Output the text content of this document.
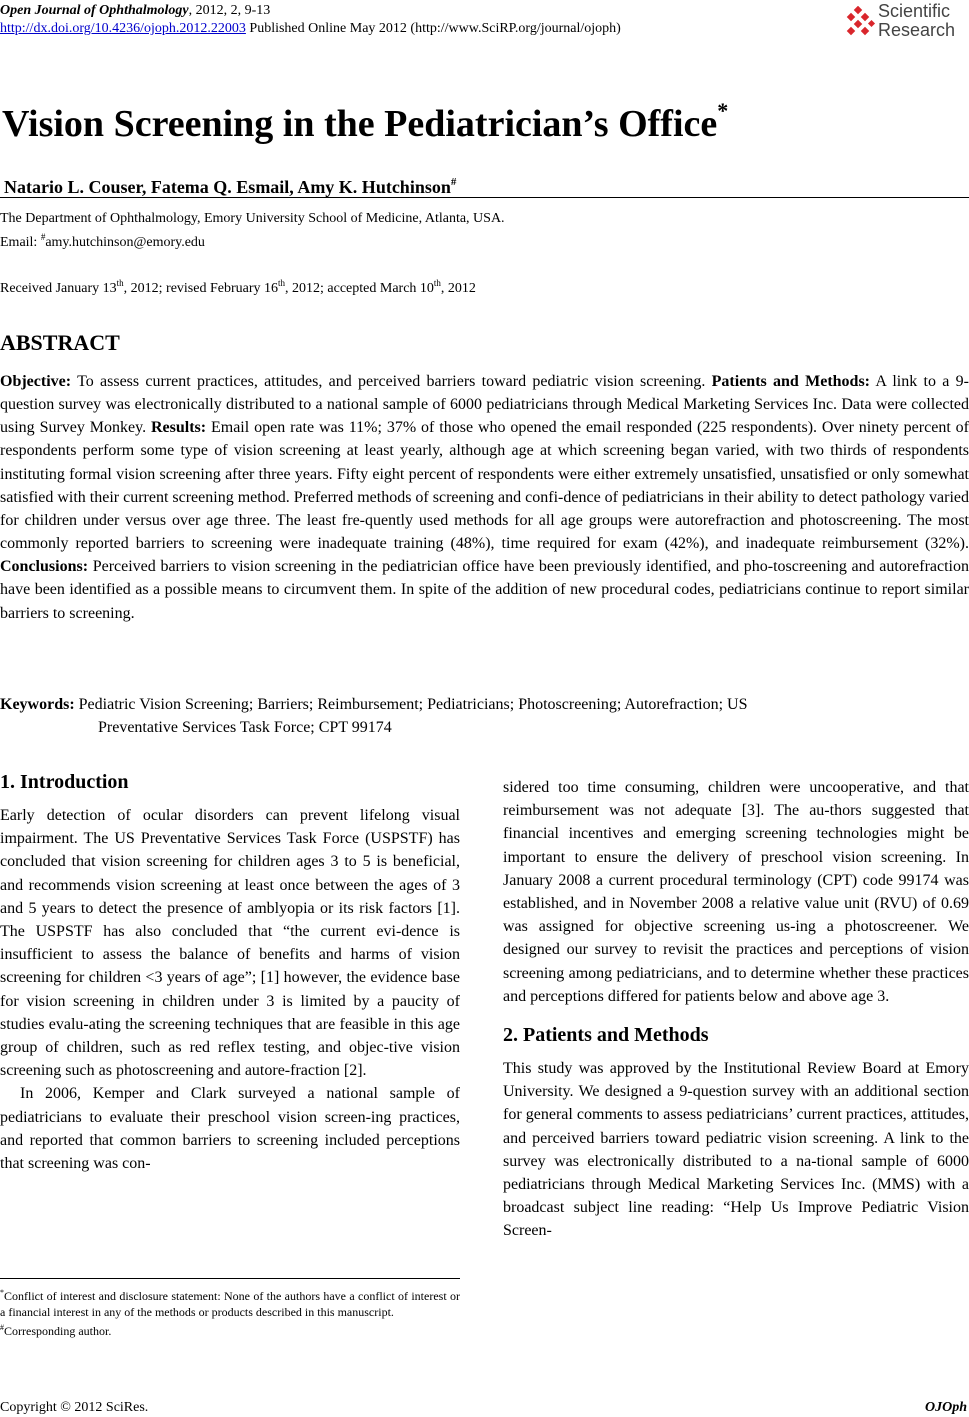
Open Journal of Ophthalmology, 2012, 2, 9-13
http://dx.doi.org/10.4236/ojoph.2012.22003 Published Online May 2012 (http://www.SciRP.org/journal/ojoph)
Scientific
Research
Vision Screening in the Pediatrician’s Office*
Natario L. Couser, Fatema Q. Esmail, Amy K. Hutchinson#
The Department of Ophthalmology, Emory University School of Medicine, Atlanta, USA.
Email: #amy.hutchinson@emory.edu
Received January 13th, 2012; revised February 16th, 2012; accepted March 10th, 2012
ABSTRACT
Objective: To assess current practices, attitudes, and perceived barriers toward pediatric vision screening. Patients and Methods: A link to a 9-question survey was electronically distributed to a national sample of 6000 pediatricians through Medical Marketing Services Inc. Data were collected using Survey Monkey. Results: Email open rate was 11%; 37% of those who opened the email responded (225 respondents). Over ninety percent of respondents perform some type of vision screening at least yearly, although age at which screening began varied, with two thirds of respondents instituting formal vision screening after three years. Fifty eight percent of respondents were either extremely unsatisfied, unsatisfied or only somewhat satisfied with their current screening method. Preferred methods of screening and confi-dence of pediatricians in their ability to detect pathology varied for children under versus over age three. The least fre-quently used methods for all age groups were autorefraction and photoscreening. The most commonly reported barriers to screening were inadequate training (48%), time required for exam (42%), and inadequate reimbursement (32%). Conclusions: Perceived barriers to vision screening in the pediatrician office have been previously identified, and pho-toscreening and autorefraction have been identified as a possible means to circumvent them. In spite of the addition of new procedural codes, pediatricians continue to report similar barriers to screening.
Keywords: Pediatric Vision Screening; Barriers; Reimbursement; Pediatricians; Photoscreening; Autorefraction; US
Preventative Services Task Force; CPT 99174
1. Introduction

Early detection of ocular disorders can prevent lifelong visual impairment. The US Preventative Services Task Force (USPSTF) has concluded that vision screening for children ages 3 to 5 is beneficial, and recommends vision screening at least once between the ages of 3 and 5 years to detect the presence of amblyopia or its risk factors [1]. The USPSTF has also concluded that “the current evi-dence is insufficient to assess the balance of benefits and harms of vision screening for children <3 years of age”; [1] however, the evidence base for vision screening in children under 3 is limited by a paucity of studies evalu-ating the screening techniques that are feasible in this age group of children, such as red reflex testing, and objec-tive vision screening such as photoscreening and autore-fraction [2].

In 2006, Kemper and Clark surveyed a national sample of pediatricians to evaluate their preschool vision screen-ing practices, and reported that common barriers to screening included perceptions that screening was con-

*Conflict of interest and disclosure statement: None of the authors have a conflict of interest or a financial interest in any of the methods or products described in this manuscript.

#Corresponding author.

sidered too time consuming, children were uncooperative, and that reimbursement was not adequate [3]. The au-thors suggested that financial incentives and emerging screening technologies might be important to ensure the delivery of preschool vision screening. In January 2008 a current procedural terminology (CPT) code 99174 was established, and in November 2008 a relative value unit (RVU) of 0.69 was assigned for objective screening us-ing a photoscreener. We designed our survey to revisit the practices and perceptions of vision screening among pediatricians, and to determine whether these practices and perceptions differed for patients below and above age 3.

2. Patients and Methods

This study was approved by the Institutional Review Board at Emory University. We designed a 9-question survey with an additional section for general comments to assess pediatricians’ current practices, attitudes, and perceived barriers toward pediatric vision screening. A link to the survey was electronically distributed to a na-tional sample of 6000 pediatricians through Medical Marketing Services Inc. (MMS) with a broadcast subject line reading: “Help Us Improve Pediatric Vision Screen-

Copyright © 2012 SciRes.	OJOph
